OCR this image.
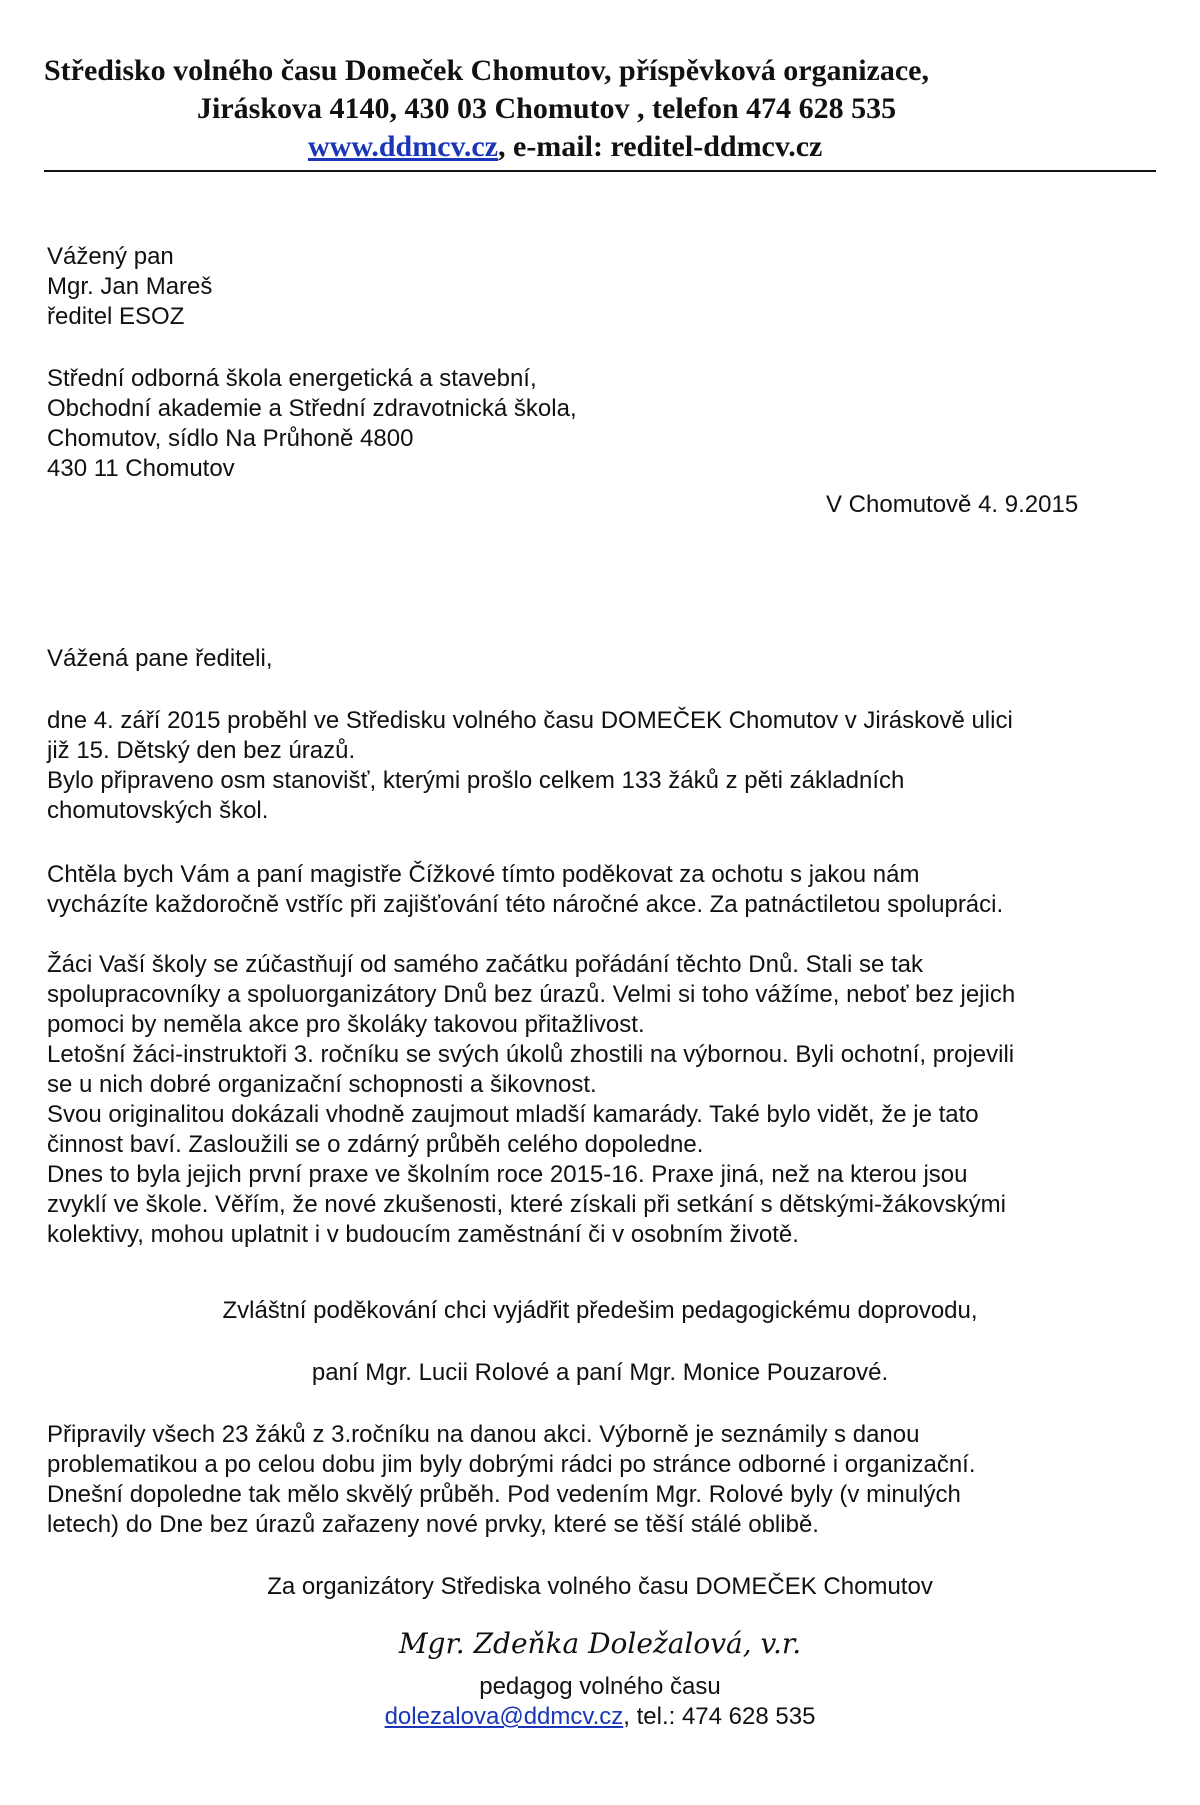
Středisko volného času Domeček Chomutov, příspěvková organizace,
Jiráskova 4140, 430 03 Chomutov , telefon 474 628 535
www.ddmcv.cz, e-mail: reditel-ddmcv.cz
Vážený pan
Mgr. Jan Mareš
ředitel ESOZ
Střední odborná škola energetická a stavební,
Obchodní akademie a Střední zdravotnická škola,
Chomutov, sídlo Na Průhoně 4800
430 11 Chomutov
V Chomutově 4. 9.2015
Vážená pane řediteli,
dne 4. září 2015 proběhl ve Středisku volného času DOMEČEK Chomutov v Jiráskově ulici
již 15. Dětský den bez úrazů.
Bylo připraveno osm stanovišť, kterými prošlo celkem 133 žáků z pěti základních
chomutovských škol.
Chtěla bych Vám a paní magistře Čížkové tímto poděkovat za ochotu s jakou nám
vycházíte každoročně vstříc při zajišťování této náročné akce. Za patnáctiletou spolupráci.
Žáci Vaší školy se zúčastňují od samého začátku pořádání těchto Dnů. Stali se tak
spolupracovníky a spoluorganizátory Dnů bez úrazů. Velmi si toho vážíme, neboť bez jejich
pomoci by neměla akce pro školáky takovou přitažlivost.
Letošní žáci-instruktoři 3. ročníku se svých úkolů zhostili na výbornou. Byli ochotní, projevili
se u nich dobré organizační schopnosti a šikovnost.
Svou originalitou dokázali vhodně zaujmout mladší kamarády. Také bylo vidět, že je tato
činnost baví. Zasloužili se o zdárný průběh celého dopoledne.
Dnes to byla jejich první praxe ve školním roce 2015-16. Praxe jiná, než na kterou jsou
zvyklí ve škole. Věřím, že nové zkušenosti, které získali při setkání s dětskými-žákovskými
kolektivy, mohou uplatnit i v budoucím zaměstnání či v osobním životě.
Zvláštní poděkování chci vyjádřit předešim pedagogickému doprovodu,
paní Mgr. Lucii Rolové a paní Mgr. Monice Pouzarové.
Připravily všech 23 žáků z 3.ročníku na danou akci. Výborně je seznámily s danou
problematikou a po celou dobu jim byly dobrými rádci po stránce odborné i organizační.
Dnešní dopoledne tak mělo skvělý průběh. Pod vedením Mgr. Rolové byly (v minulých
letech) do Dne bez úrazů zařazeny nové prvky, které se těší stálé oblibě.
Za organizátory Střediska volného času DOMEČEK Chomutov
Mgr. Zdeňka Doležalová, v.r.
pedagog volného času
dolezalova@ddmcv.cz, tel.: 474 628 535
